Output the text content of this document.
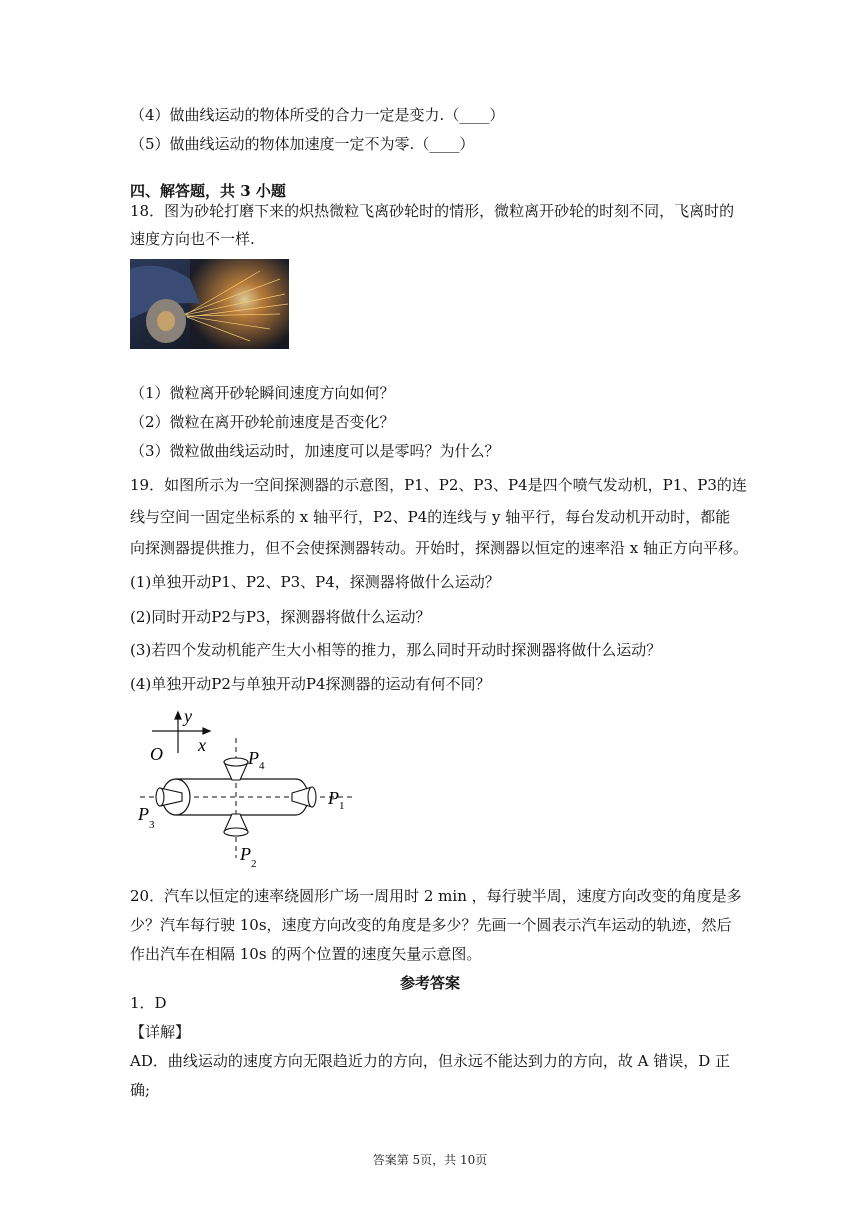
（4）做曲线运动的物体所受的合力一定是变力.（____）
（5）做曲线运动的物体加速度一定不为零.（____）
四、解答题，共 3 小题
18．图为砂轮打磨下来的炽热微粒飞离砂轮时的情形，微粒离开砂轮的时刻不同，飞离时的
速度方向也不一样.
（1）微粒离开砂轮瞬间速度方向如何？
（2）微粒在离开砂轮前速度是否变化？
（3）微粒做曲线运动时，加速度可以是零吗？为什么？
19．如图所示为一空间探测器的示意图，P1、P2、P3、P4是四个喷气发动机，P1、P3的连
线与空间一固定坐标系的 x 轴平行，P2、P4的连线与 y 轴平行，每台发动机开动时，都能
向探测器提供推力，但不会使探测器转动。开始时，探测器以恒定的速率沿 x 轴正方向平移。
(1)单独开动P1、P2、P3、P4，探测器将做什么运动？
(2)同时开动P2与P3，探测器将做什么运动？
(3)若四个发动机能产生大小相等的推力，那么同时开动时探测器将做什么运动？
(4)单独开动P2与单独开动P4探测器的运动有何不同？
y
x
O	$P_4$
$P_1$
$P_3$
$P_2$
20．汽车以恒定的速率绕圆形广场一周用时 2 min ，每行驶半周，速度方向改变的角度是多
少？汽车每行驶 10s，速度方向改变的角度是多少？先画一个圆表示汽车运动的轨迹，然后
作出汽车在相隔 10s 的两个位置的速度矢量示意图。
参考答案
1．D
【详解】
AD．曲线运动的速度方向无限趋近力的方向，但永远不能达到力的方向，故 A 错误，D 正
确;
答案第 5页，共 10页
